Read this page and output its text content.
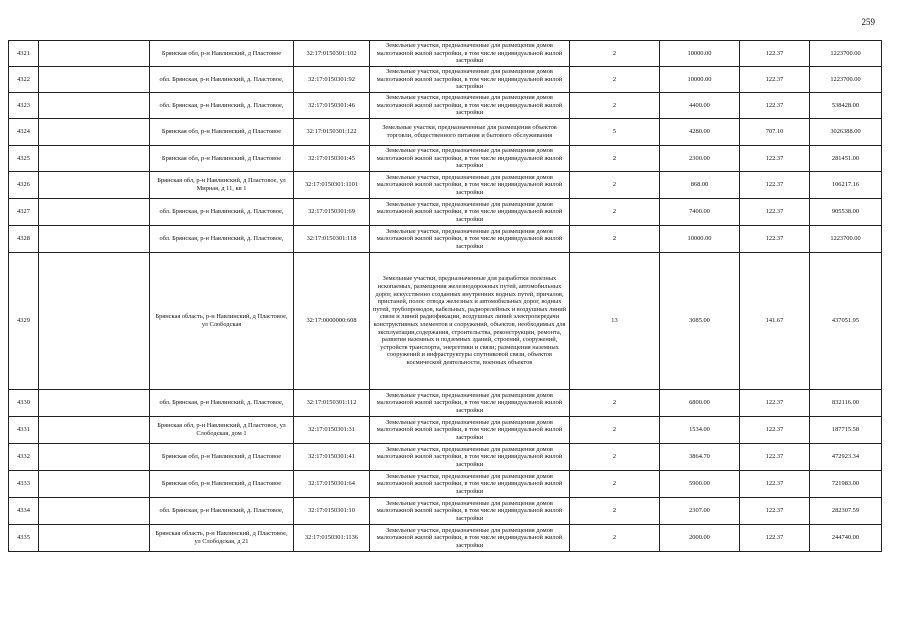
259
4321		Брянская обл, р-н Навлинский, д Пластовое	32:17:0150301:102	Земельные участки, предназначенные для размещения домов малоэтажной жилой застройки, в том числе индивидуальной жилой застройки	2	10000.00	122.37	1223700.00
4322		обл. Брянская, р-н Навлинский, д. Пластовое,	32:17:0150301:92	Земельные участки, предназначенные для размещения домов малоэтажной жилой застройки, в том числе индивидуальной жилой застройки	2	10000.00	122.37	1223700.00
4323		обл. Брянская, р-н Навлинский, д. Пластовое,	32:17:0150301:46	Земельные участки, предназначенные для размещения домов малоэтажной жилой застройки, в том числе индивидуальной жилой застройки	2	4400.00	122.37	538428.00
4324		Брянская обл, р-н Навлинский, д Пластовое	32:17:0150301:122	Земельные участки, предназначенные для размещения объектов торговли, общественного питания и бытового обслуживания	5	4280.00	707.10	3026388.00
4325		Брянская обл, р-н Навлинский, д Пластовое	32:17:0150301:45	Земельные участки, предназначенные для размещения домов малоэтажной жилой застройки, в том числе индивидуальной жилой застройки	2	2300.00	122.37	281451.00
4326		Брянская обл, р-н Навлинский, д Пластовое, ул Мирная, д 11, кв 1	32:17:0150301:1101	Земельные участки, предназначенные для размещения домов малоэтажной жилой застройки, в том числе индивидуальной жилой застройки	2	868.00	122.37	106217.16
4327		обл. Брянская, р-н Навлинский, д. Пластовое,	32:17:0150301:69	Земельные участки, предназначенные для размещения домов малоэтажной жилой застройки, в том числе индивидуальной жилой застройки	2	7400.00	122.37	905538.00
4328		обл. Брянская, р-н Навлинский, д. Пластовое,	32:17:0150301:118	Земельные участки, предназначенные для размещения домов малоэтажной жилой застройки, в том числе индивидуальной жилой застройки	2	10000.00	122.37	1223700.00
4329		Брянская область, р-н Навлинский, д Пластовое, ул Слободская	32:17:0000000:608	Земельные участки, предназначенные для разработки полезных ископаемых, размещения железнодорожных путей, автомобильных дорог, искусственно созданных внутренних водных путей, причалов, пристаней, полос отвода железных и автомобильных дорог, водных путей, трубопроводов, кабельных, радиорелейных и воздушных линий связи и линий радиофикации, воздушных линий электропередачи конструктивных элементов и сооружений, объектов, необходимых для эксплуатации,содержания, строительства, реконструкции, ремонта, развития наземных и подземных зданий, строений, сооружений, устройств транспорта, энергетики и связи; размещения наземных сооружений и инфраструктуры спутниковой связи, объектов космической деятельности, военных объектов	13	3085.00	141.67	437051.95
4330		обл. Брянская, р-н Навлинский, д. Пластовое,	32:17:0150301:112	Земельные участки, предназначенные для размещения домов малоэтажной жилой застройки, в том числе индивидуальной жилой застройки	2	6800.00	122.37	832116.00
4331		Брянская обл, р-н Навлинский, д Пластовое, ул Слободская, дом 1	32:17:0150301:31	Земельные участки, предназначенные для размещения домов малоэтажной жилой застройки, в том числе индивидуальной жилой застройки	2	1534.00	122.37	187715.58
4332		Брянская обл, р-н Навлинский, д Пластовое	32:17:0150301:41	Земельные участки, предназначенные для размещения домов малоэтажной жилой застройки, в том числе индивидуальной жилой застройки	2	3864.70	122.37	472923.34
4333		Брянская обл, р-н Навлинский, д Пластовое	32:17:0150301:64	Земельные участки, предназначенные для размещения домов малоэтажной жилой застройки, в том числе индивидуальной жилой застройки	2	5900.00	122.37	721983.00
4334		обл. Брянская, р-н Навлинский, д. Пластовое,	32:17:0150301:10	Земельные участки, предназначенные для размещения домов малоэтажной жилой застройки, в том числе индивидуальной жилой застройки	2	2307.00	122.37	282307.59
4335		Брянская область, р-н Навлинский, д Пластовое, ул Слободская, д 21	32:17:0150301:1136	Земельные участки, предназначенные для размещения домов малоэтажной жилой застройки, в том числе индивидуальной жилой застройки	2	2000.00	122.37	244740.00
